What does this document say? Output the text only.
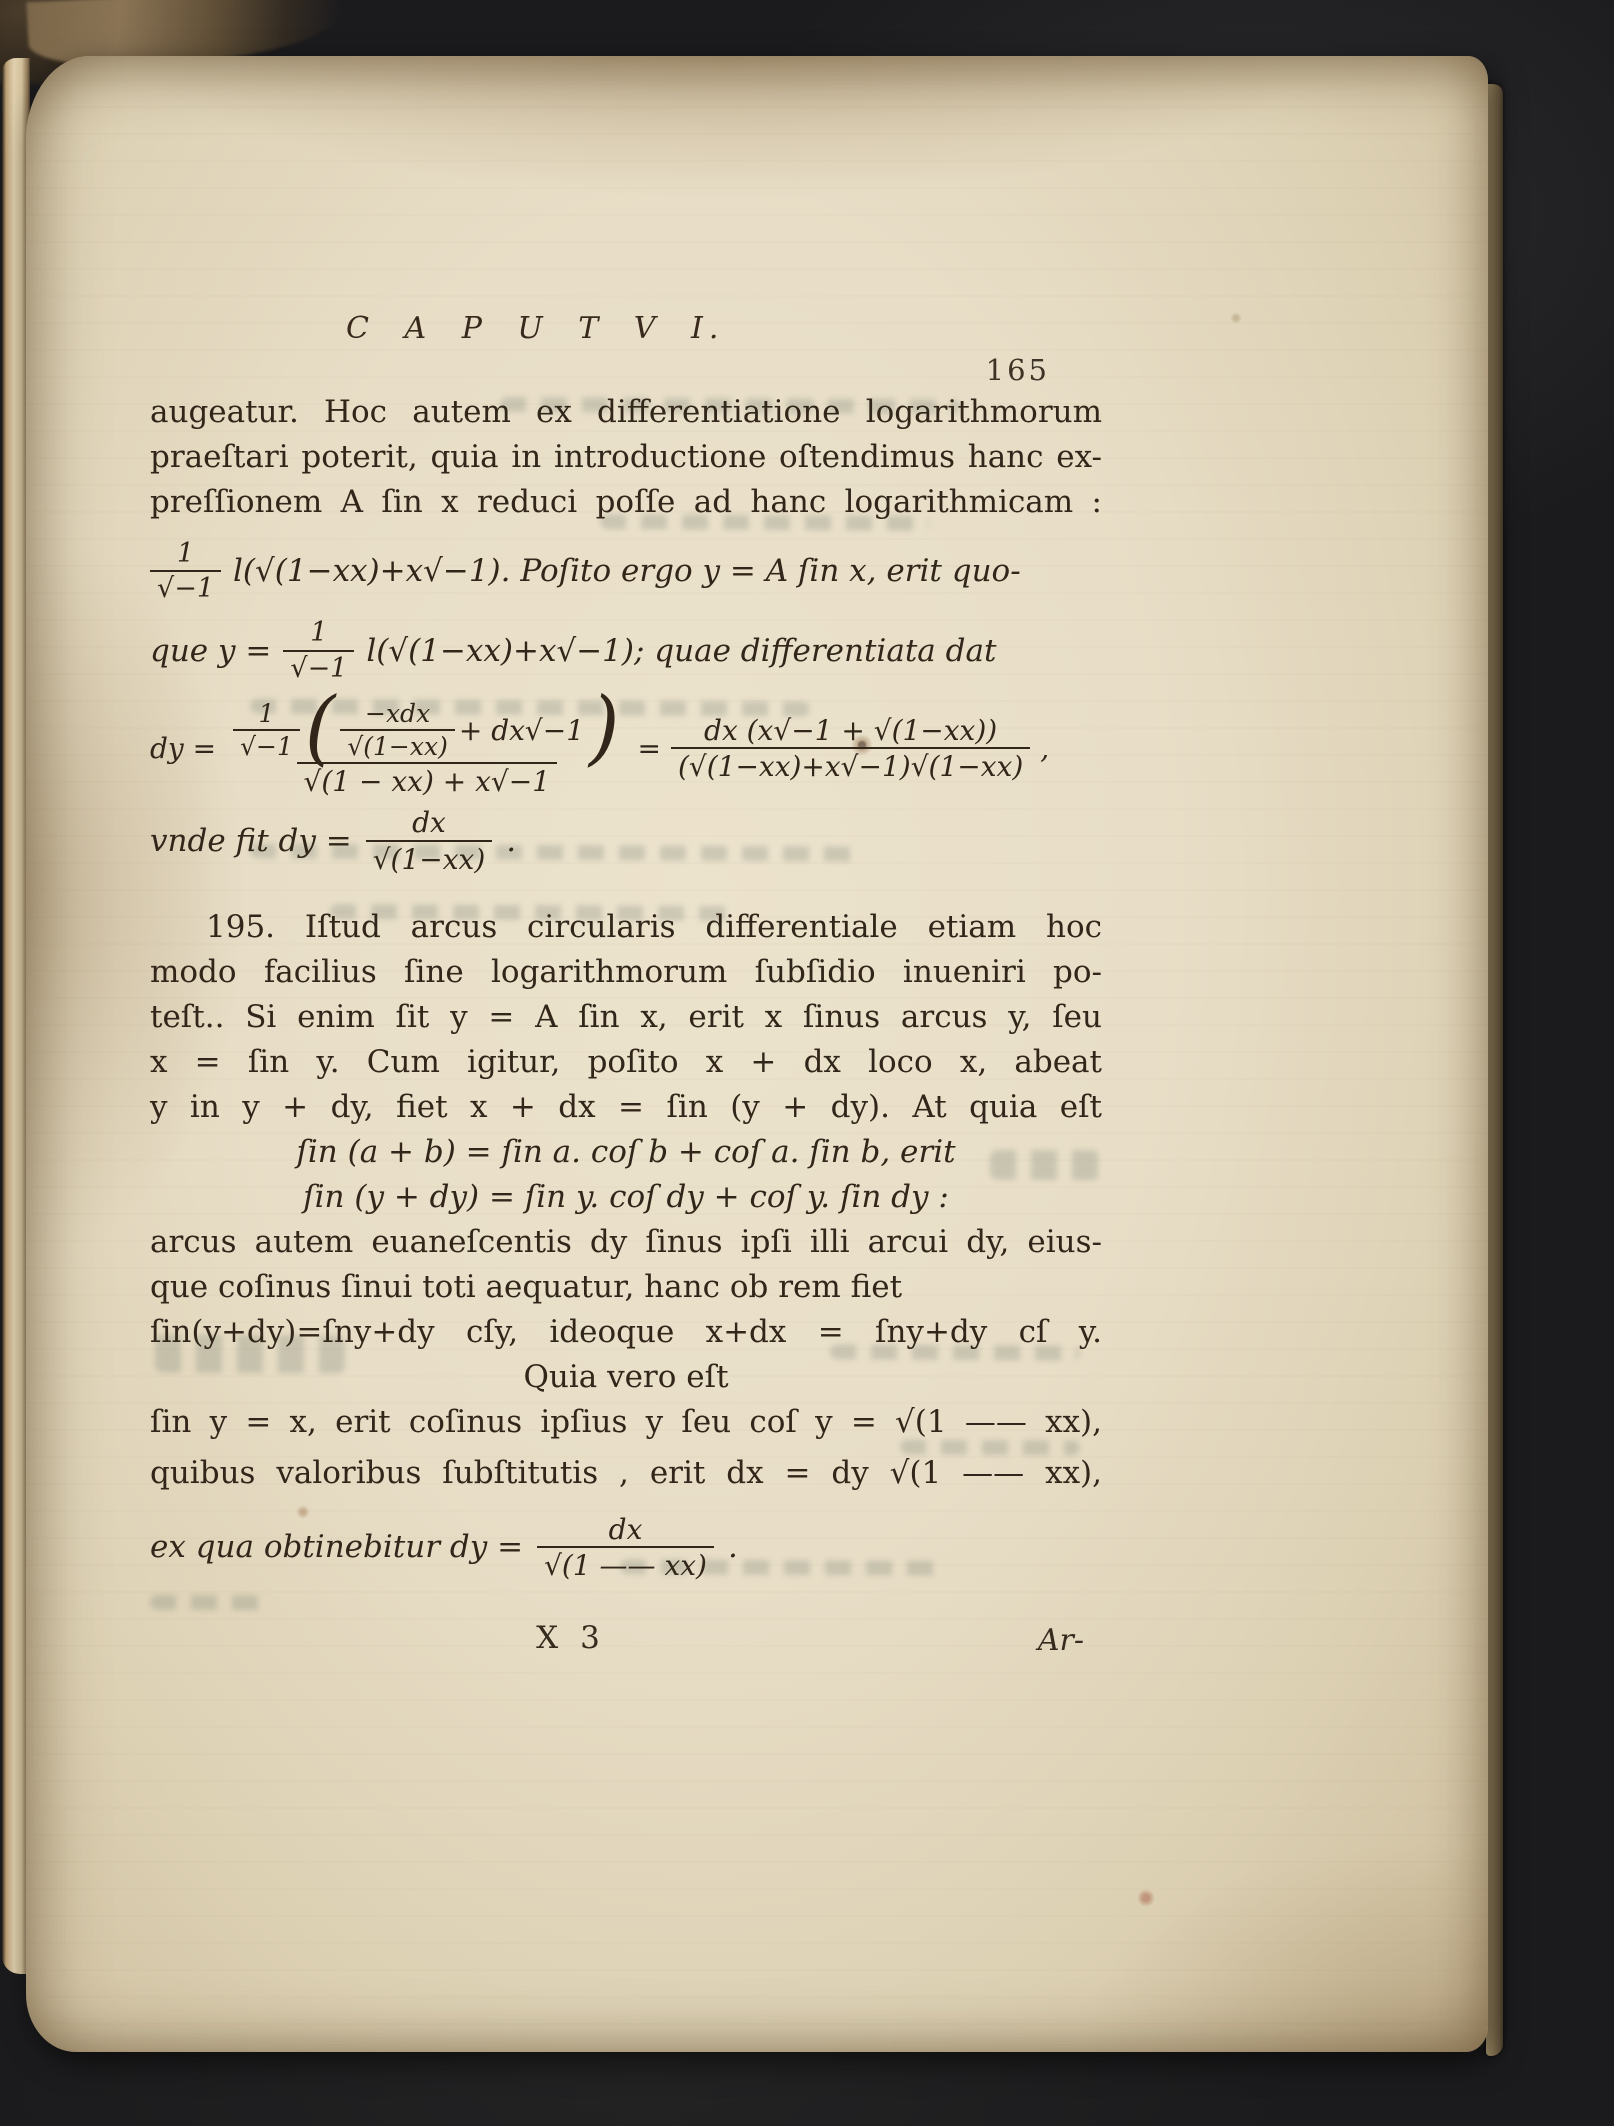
C A P U T V I.
165
augeatur. Hoc autem ex differentiatione logarithmorum
praeſtari poterit, quia in introductione oſtendimus hanc ex-
preſſionem A ſin x reduci poſſe ad hanc logarithmicam :
$\frac{1}{√-1} l(√(1-xx)+x√-1)$. Poſito ergo y = A ſin x, erit quo-
que $y = \frac{1}{√-1} l(√(1-xx)+x√-1)$; quae differentiata dat
dy = $\frac{1}{√-1}$ ( $\frac{\text{−xdx}}{√(1-xx)} + dx√-1$ )
√(1 − xx) + x√−1
= $\frac{dx (x√-1 + √(1-xx))}{(√(1-xx)+x√-1)√(1-xx)}$ ,
vnde fit dy = $\frac{dx}{√(1-xx)}$ .
195. Iſtud arcus circularis differentiale etiam hoc
modo facilius ſine logarithmorum ſubſidio inueniri po-
teſt.. Si enim ſit y = A ſin x, erit x ſinus arcus y, ſeu
x = ſin y. Cum igitur, poſito x + dx loco x, abeat
y in y + dy, fiet x + dx = ſin (y + dy). At quia eſt
ſin (a + b) = ſin a. coſ b + coſ a. ſin b, erit
ſin (y + dy) = ſin y. coſ dy + coſ y. ſin dy :
arcus autem euaneſcentis dy ſinus ipſi illi arcui dy, eius-
que coſinus ſinui toti aequatur, hanc ob rem fiet
ſin(y+dy)=ſny+dy cſy, ideoque x+dx = ſny+dy cſ y.
Quia vero eſt
ſin y = x, erit coſinus ipſius y ſeu coſ y = √(1 —— xx),
quibus valoribus ſubſtitutis , erit dx = dy √(1 —— xx),
ex qua obtinebitur dy = $\frac{dx}{√(1 —— xx)}$ .
X 3	Ar-
